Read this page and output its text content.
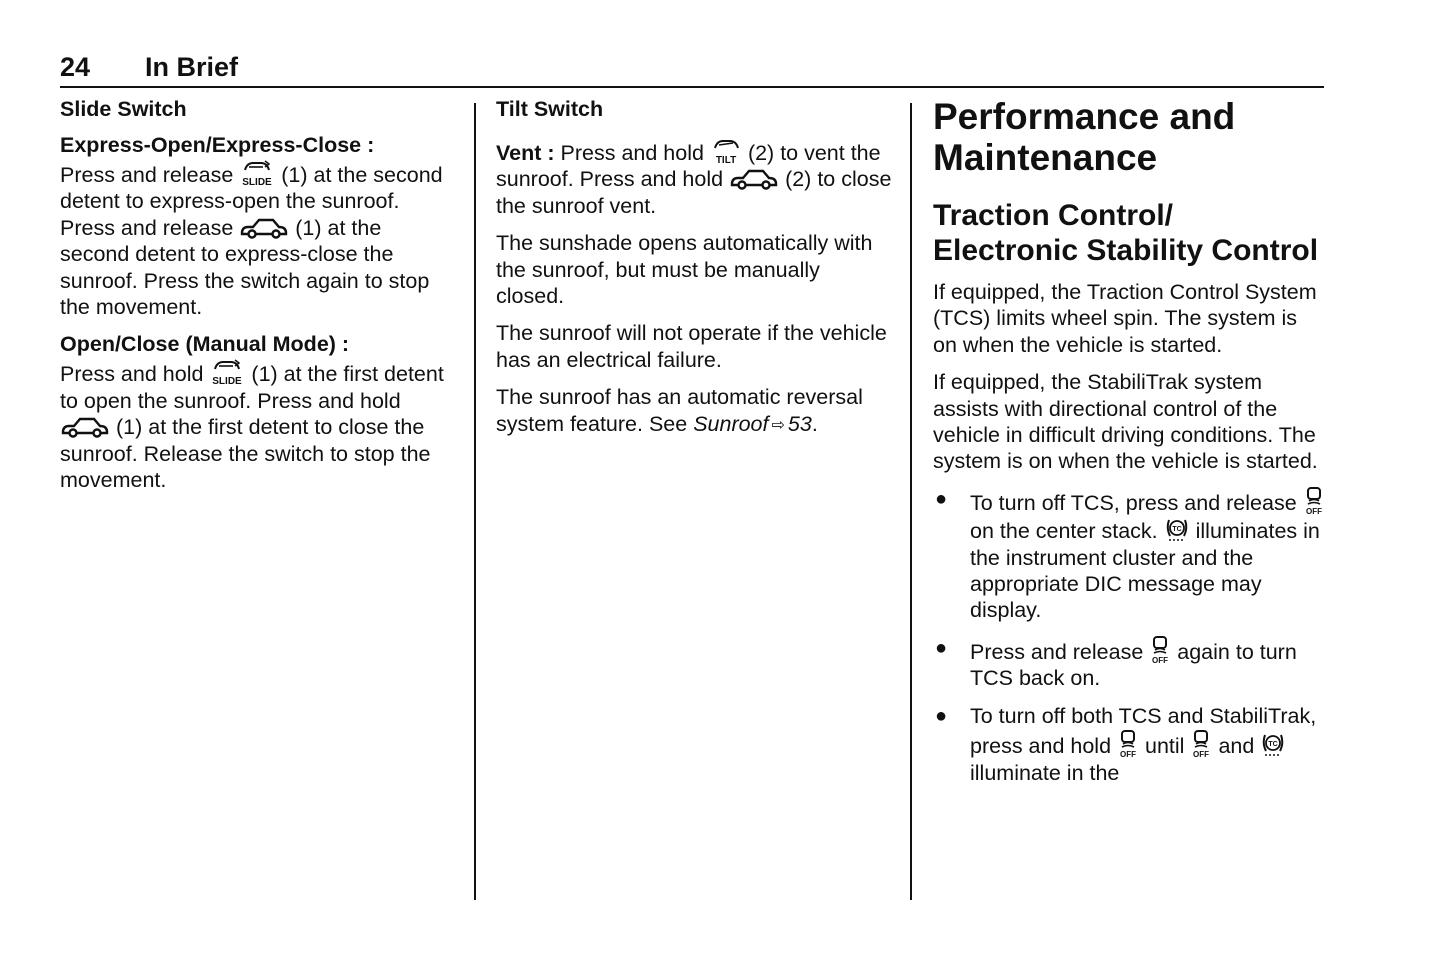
24 In Brief
Slide Switch
Express-Open/Express-Close :

Press and release SLIDE (1) at the second detent to express-open the sunroof. Press and release	(1) at the second detent to express-close the sunroof. Press the switch again to stop the movement.

Open/Close (Manual Mode) :

Press and hold SLIDE (1) at the first detent to open the sunroof. Press and hold
(1) at the first detent to close the sunroof. Release the switch to stop the movement.

Tilt Switch

Vent : Press and hold TILT (2) to vent the sunroof. Press and hold	(2) to close the sunroof vent.

The sunshade opens automatically with the sunroof, but must be manually closed.

The sunroof will not operate if the vehicle has an electrical failure.

The sunroof has an automatic reversal system feature. See Sunroof ⇨ 53.

Performance and Maintenance
Traction Control/ Electronic Stability Control

If equipped, the Traction Control System (TCS) limits wheel spin. The system is on when the vehicle is started.

If equipped, the StabiliTrak system assists with directional control of the vehicle in difficult driving conditions. The system is on when the vehicle is started.

● To turn off TCS, press and release OFF
on the center stack. TC illuminates in the instrument cluster and the appropriate DIC message may display.
● Press and release OFF again to turn TCS back on.
● To turn off both TCS and StabiliTrak, press and hold OFF until OFF and TC
illuminate in the
